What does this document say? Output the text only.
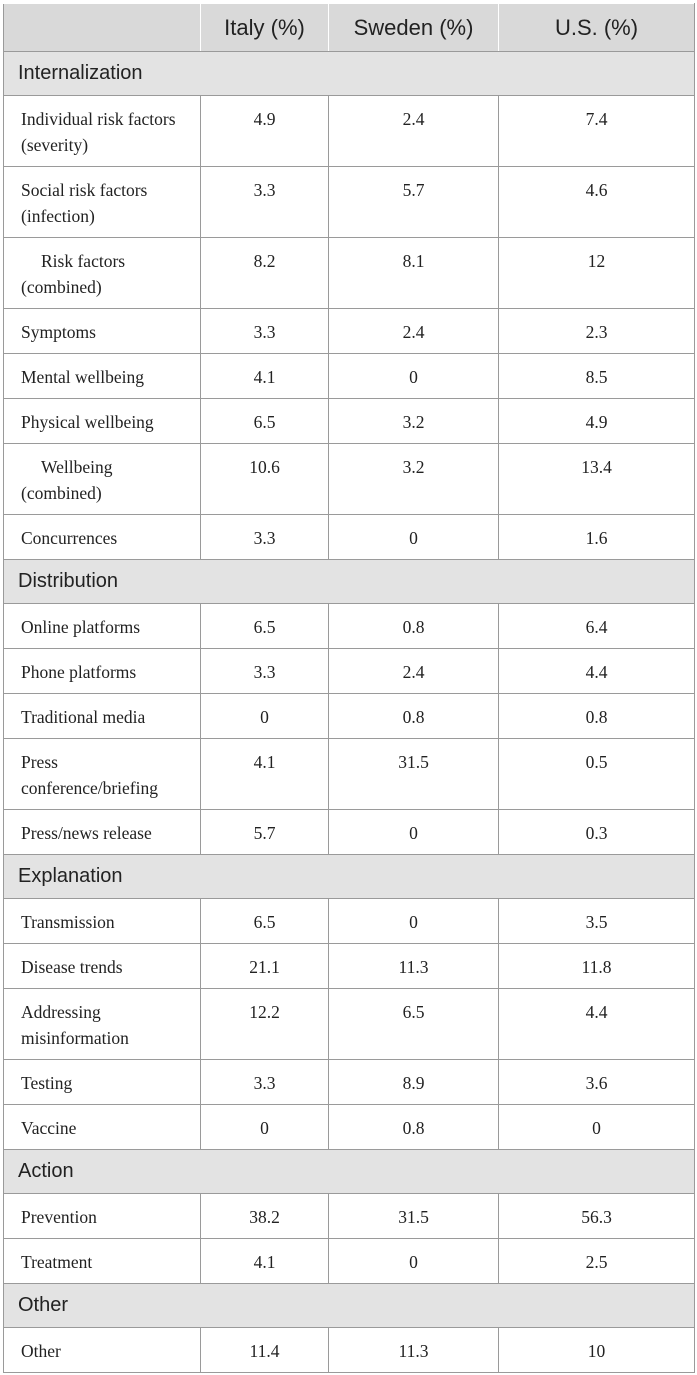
	Italy (%)	Sweden (%)	U.S. (%)
Internalization			
Individual risk factors (severity)	4.9	2.4	7.4
Social risk factors (infection)	3.3	5.7	4.6
Risk factors (combined)	8.2	8.1	12
Symptoms	3.3	2.4	2.3
Mental wellbeing	4.1	0	8.5
Physical wellbeing	6.5	3.2	4.9
Wellbeing (combined)	10.6	3.2	13.4
Concurrences	3.3	0	1.6
Distribution			
Online platforms	6.5	0.8	6.4
Phone platforms	3.3	2.4	4.4
Traditional media	0	0.8	0.8
Press conference/briefing	4.1	31.5	0.5
Press/news release	5.7	0	0.3
Explanation			
Transmission	6.5	0	3.5
Disease trends	21.1	11.3	11.8
Addressing misinformation	12.2	6.5	4.4
Testing	3.3	8.9	3.6
Vaccine	0	0.8	0
Action			
Prevention	38.2	31.5	56.3
Treatment	4.1	0	2.5
Other			
Other	11.4	11.3	10
